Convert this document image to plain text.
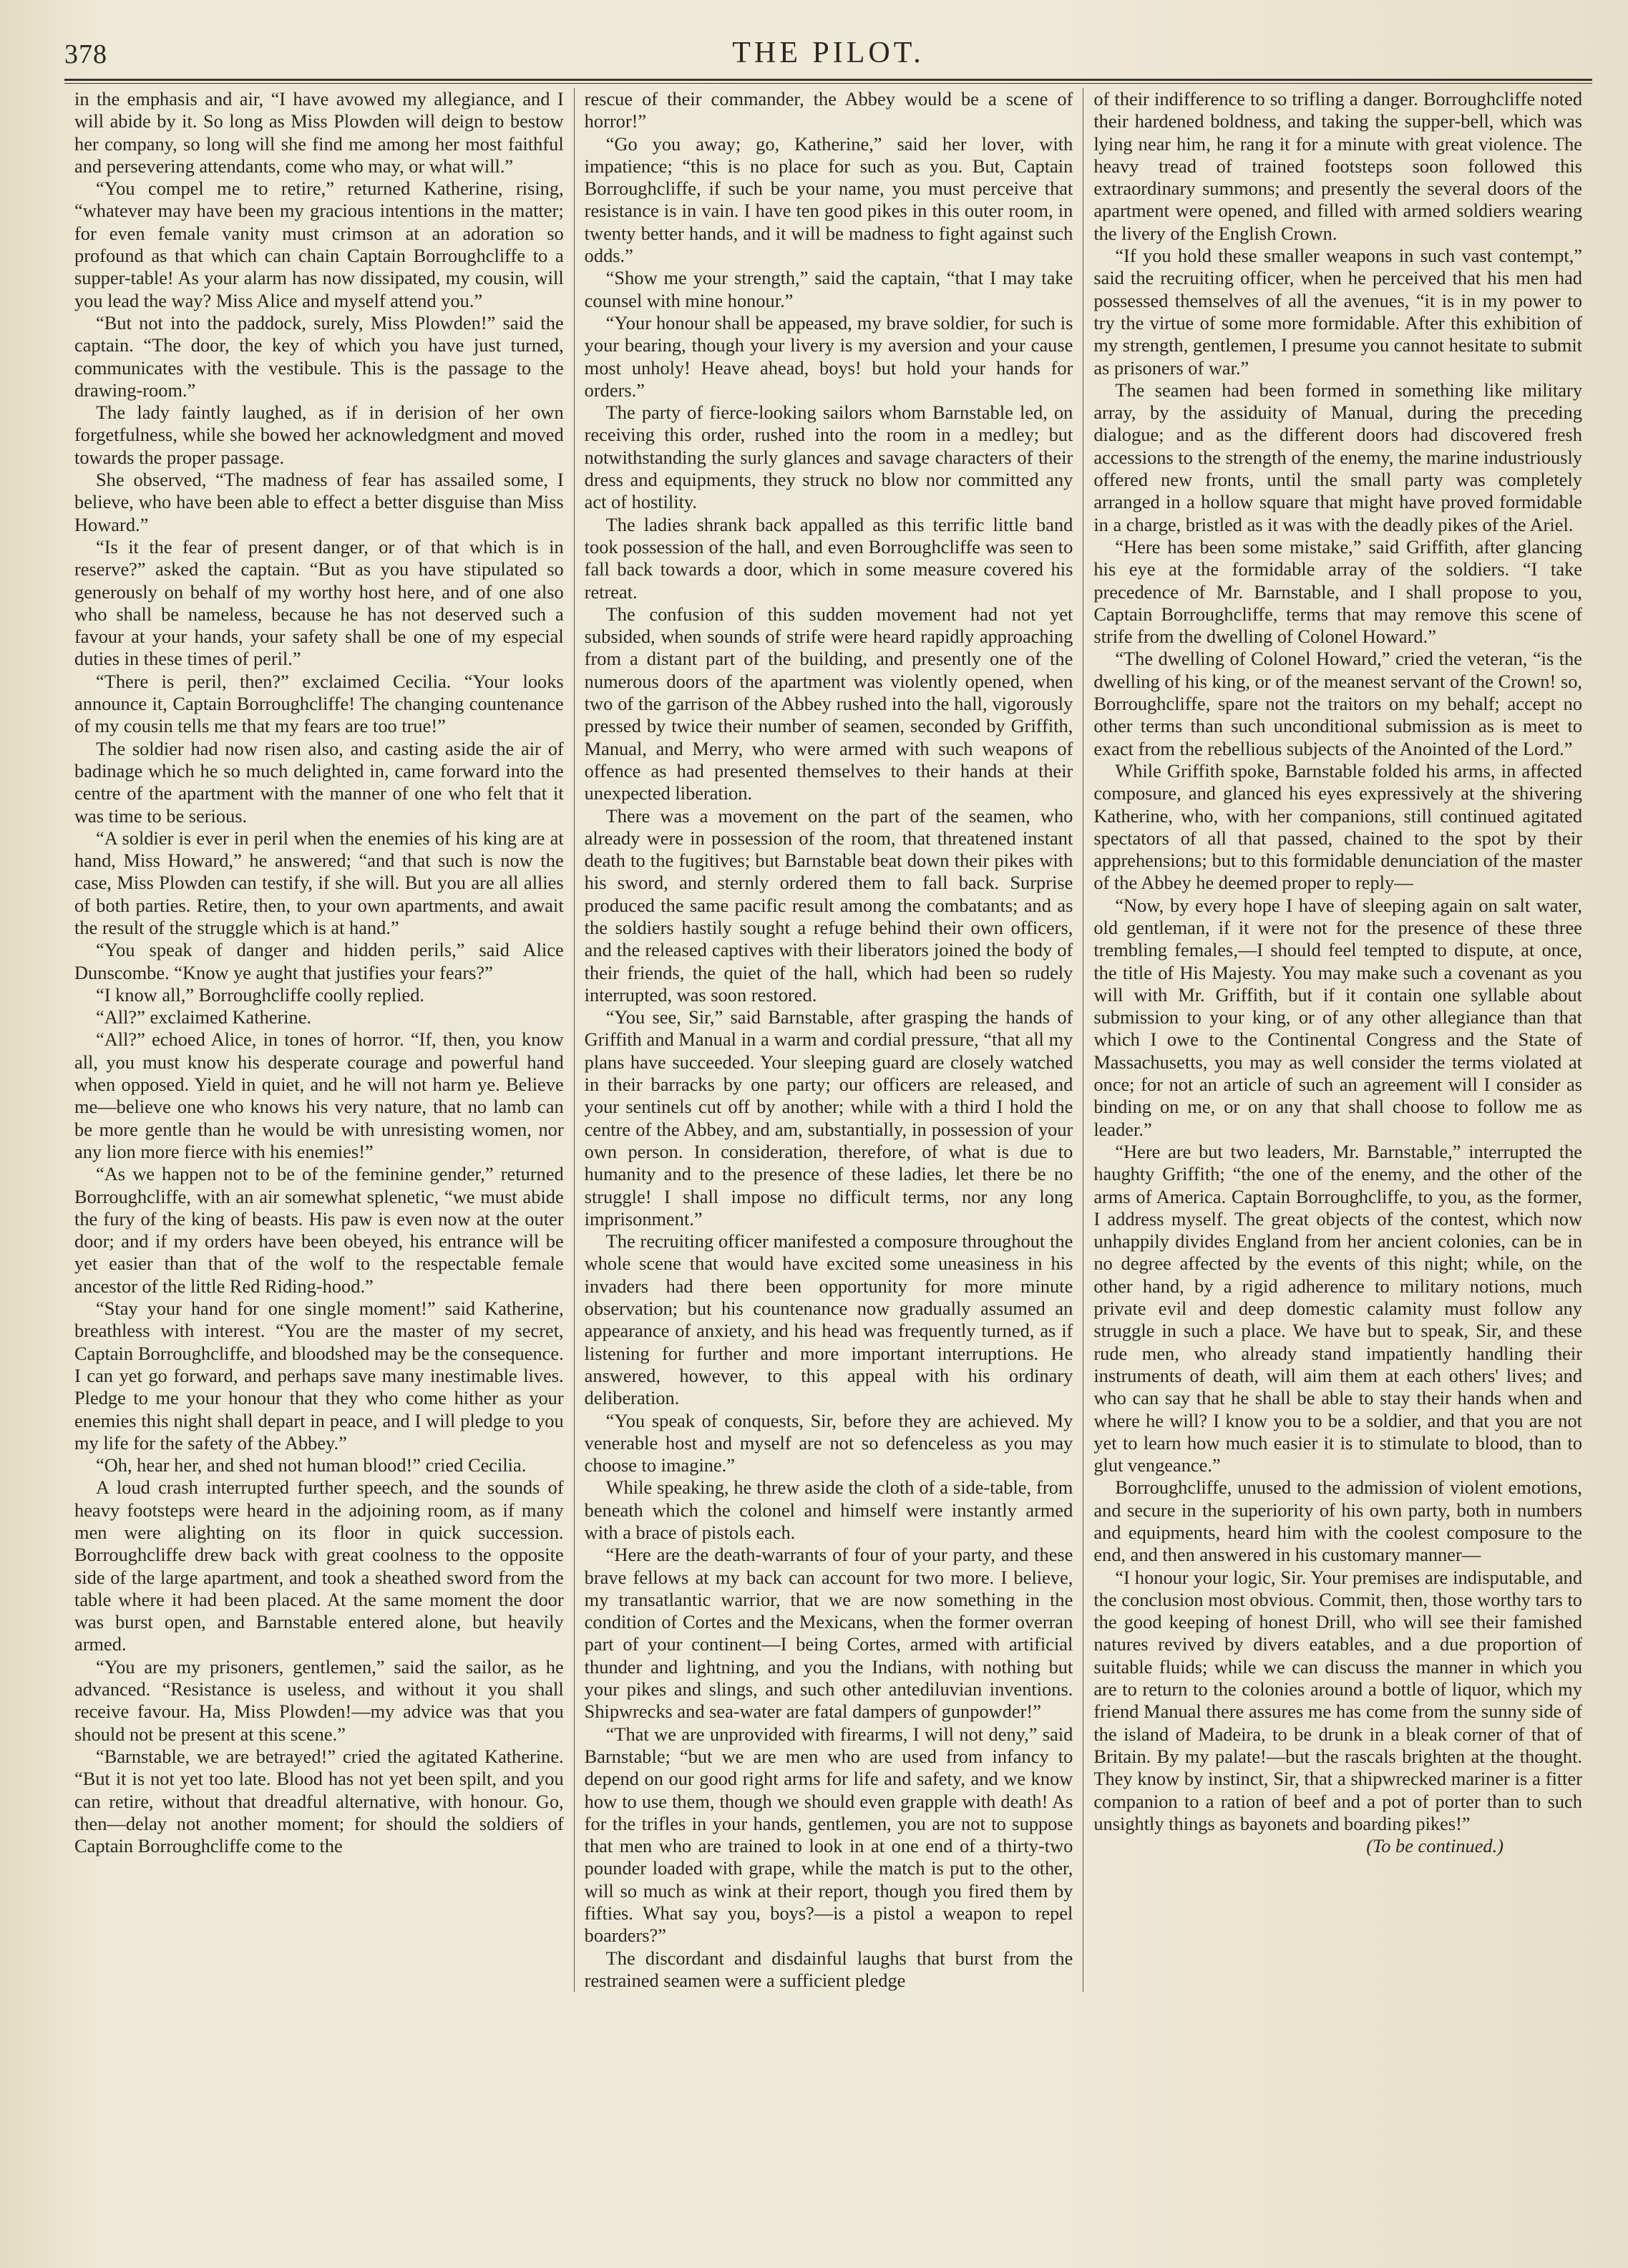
378	THE PILOT.

in the emphasis and air, “I have avowed my allegiance, and I will abide by it. So long as Miss Plowden will deign to bestow her company, so long will she find me among her most faithful and persevering attendants, come who may, or what will.”

“You compel me to retire,” returned Katherine, rising, “whatever may have been my gracious intentions in the matter; for even female vanity must crimson at an adoration so profound as that which can chain Captain Borroughcliffe to a supper-table! As your alarm has now dissipated, my cousin, will you lead the way? Miss Alice and myself attend you.”

“But not into the paddock, surely, Miss Plowden!” said the captain. “The door, the key of which you have just turned, communicates with the vestibule. This is the passage to the drawing-room.”

The lady faintly laughed, as if in derision of her own forgetfulness, while she bowed her acknowledgment and moved towards the proper passage.

She observed, “The madness of fear has assailed some, I believe, who have been able to effect a better disguise than Miss Howard.”

“Is it the fear of present danger, or of that which is in reserve?” asked the captain. “But as you have stipulated so generously on behalf of my worthy host here, and of one also who shall be nameless, because he has not deserved such a favour at your hands, your safety shall be one of my especial duties in these times of peril.”

“There is peril, then?” exclaimed Cecilia. “Your looks announce it, Captain Borroughcliffe! The changing countenance of my cousin tells me that my fears are too true!”

The soldier had now risen also, and casting aside the air of badinage which he so much delighted in, came forward into the centre of the apartment with the manner of one who felt that it was time to be serious.

“A soldier is ever in peril when the enemies of his king are at hand, Miss Howard,” he answered; “and that such is now the case, Miss Plowden can testify, if she will. But you are all allies of both parties. Retire, then, to your own apartments, and await the result of the struggle which is at hand.”

“You speak of danger and hidden perils,” said Alice Dunscombe. “Know ye aught that justifies your fears?”

“I know all,” Borroughcliffe coolly replied.

“All?” exclaimed Katherine.

“All?” echoed Alice, in tones of horror. “If, then, you know all, you must know his desperate courage and powerful hand when opposed. Yield in quiet, and he will not harm ye. Believe me—believe one who knows his very nature, that no lamb can be more gentle than he would be with unresisting women, nor any lion more fierce with his enemies!”

“As we happen not to be of the feminine gender,” returned Borroughcliffe, with an air somewhat splenetic, “we must abide the fury of the king of beasts. His paw is even now at the outer door; and if my orders have been obeyed, his entrance will be yet easier than that of the wolf to the respectable female ancestor of the little Red Riding-hood.”

“Stay your hand for one single moment!” said Katherine, breathless with interest. “You are the master of my secret, Captain Borroughcliffe, and bloodshed may be the consequence. I can yet go forward, and perhaps save many inestimable lives. Pledge to me your honour that they who come hither as your enemies this night shall depart in peace, and I will pledge to you my life for the safety of the Abbey.”

“Oh, hear her, and shed not human blood!” cried Cecilia.

A loud crash interrupted further speech, and the sounds of heavy footsteps were heard in the adjoining room, as if many men were alighting on its floor in quick succession. Borroughcliffe drew back with great coolness to the opposite side of the large apartment, and took a sheathed sword from the table where it had been placed. At the same moment the door was burst open, and Barnstable entered alone, but heavily armed.

“You are my prisoners, gentlemen,” said the sailor, as he advanced. “Resistance is useless, and without it you shall receive favour. Ha, Miss Plowden!—my advice was that you should not be present at this scene.”

“Barnstable, we are betrayed!” cried the agitated Katherine. “But it is not yet too late. Blood has not yet been spilt, and you can retire, without that dreadful alternative, with honour. Go, then—delay not another moment; for should the soldiers of Captain Borroughcliffe come to the

rescue of their commander, the Abbey would be a scene of horror!”

“Go you away; go, Katherine,” said her lover, with impatience; “this is no place for such as you. But, Captain Borroughcliffe, if such be your name, you must perceive that resistance is in vain. I have ten good pikes in this outer room, in twenty better hands, and it will be madness to fight against such odds.”

“Show me your strength,” said the captain, “that I may take counsel with mine honour.”

“Your honour shall be appeased, my brave soldier, for such is your bearing, though your livery is my aversion and your cause most unholy! Heave ahead, boys! but hold your hands for orders.”

The party of fierce-looking sailors whom Barnstable led, on receiving this order, rushed into the room in a medley; but notwithstanding the surly glances and savage characters of their dress and equipments, they struck no blow nor committed any act of hostility.

The ladies shrank back appalled as this terrific little band took possession of the hall, and even Borroughcliffe was seen to fall back towards a door, which in some measure covered his retreat.

The confusion of this sudden movement had not yet subsided, when sounds of strife were heard rapidly approaching from a distant part of the building, and presently one of the numerous doors of the apartment was violently opened, when two of the garrison of the Abbey rushed into the hall, vigorously pressed by twice their number of seamen, seconded by Griffith, Manual, and Merry, who were armed with such weapons of offence as had presented themselves to their hands at their unexpected liberation.

There was a movement on the part of the seamen, who already were in possession of the room, that threatened instant death to the fugitives; but Barnstable beat down their pikes with his sword, and sternly ordered them to fall back. Surprise produced the same pacific result among the combatants; and as the soldiers hastily sought a refuge behind their own officers, and the released captives with their liberators joined the body of their friends, the quiet of the hall, which had been so rudely interrupted, was soon restored.

“You see, Sir,” said Barnstable, after grasping the hands of Griffith and Manual in a warm and cordial pressure, “that all my plans have succeeded. Your sleeping guard are closely watched in their barracks by one party; our officers are released, and your sentinels cut off by another; while with a third I hold the centre of the Abbey, and am, substantially, in possession of your own person. In consideration, therefore, of what is due to humanity and to the presence of these ladies, let there be no struggle! I shall impose no difficult terms, nor any long imprisonment.”

The recruiting officer manifested a composure throughout the whole scene that would have excited some uneasiness in his invaders had there been opportunity for more minute observation; but his countenance now gradually assumed an appearance of anxiety, and his head was frequently turned, as if listening for further and more important interruptions. He answered, however, to this appeal with his ordinary deliberation.

“You speak of conquests, Sir, before they are achieved. My venerable host and myself are not so defenceless as you may choose to imagine.”

While speaking, he threw aside the cloth of a side-table, from beneath which the colonel and himself were instantly armed with a brace of pistols each.

“Here are the death-warrants of four of your party, and these brave fellows at my back can account for two more. I believe, my transatlantic warrior, that we are now something in the condition of Cortes and the Mexicans, when the former overran part of your continent—I being Cortes, armed with artificial thunder and lightning, and you the Indians, with nothing but your pikes and slings, and such other antediluvian inventions. Shipwrecks and sea-water are fatal dampers of gunpowder!”

“That we are unprovided with firearms, I will not deny,” said Barnstable; “but we are men who are used from infancy to depend on our good right arms for life and safety, and we know how to use them, though we should even grapple with death! As for the trifles in your hands, gentlemen, you are not to suppose that men who are trained to look in at one end of a thirty-two pounder loaded with grape, while the match is put to the other, will so much as wink at their report, though you fired them by fifties. What say you, boys?—is a pistol a weapon to repel boarders?”

The discordant and disdainful laughs that burst from the restrained seamen were a sufficient pledge

of their indifference to so trifling a danger. Borroughcliffe noted their hardened boldness, and taking the supper-bell, which was lying near him, he rang it for a minute with great violence. The heavy tread of trained footsteps soon followed this extraordinary summons; and presently the several doors of the apartment were opened, and filled with armed soldiers wearing the livery of the English Crown.

“If you hold these smaller weapons in such vast contempt,” said the recruiting officer, when he perceived that his men had possessed themselves of all the avenues, “it is in my power to try the virtue of some more formidable. After this exhibition of my strength, gentlemen, I presume you cannot hesitate to submit as prisoners of war.”

The seamen had been formed in something like military array, by the assiduity of Manual, during the preceding dialogue; and as the different doors had discovered fresh accessions to the strength of the enemy, the marine industriously offered new fronts, until the small party was completely arranged in a hollow square that might have proved formidable in a charge, bristled as it was with the deadly pikes of the Ariel.

“Here has been some mistake,” said Griffith, after glancing his eye at the formidable array of the soldiers. “I take precedence of Mr. Barnstable, and I shall propose to you, Captain Borroughcliffe, terms that may remove this scene of strife from the dwelling of Colonel Howard.”

“The dwelling of Colonel Howard,” cried the veteran, “is the dwelling of his king, or of the meanest servant of the Crown! so, Borroughcliffe, spare not the traitors on my behalf; accept no other terms than such unconditional submission as is meet to exact from the rebellious subjects of the Anointed of the Lord.”

While Griffith spoke, Barnstable folded his arms, in affected composure, and glanced his eyes expressively at the shivering Katherine, who, with her companions, still continued agitated spectators of all that passed, chained to the spot by their apprehensions; but to this formidable denunciation of the master of the Abbey he deemed proper to reply—

“Now, by every hope I have of sleeping again on salt water, old gentleman, if it were not for the presence of these three trembling females,—I should feel tempted to dispute, at once, the title of His Majesty. You may make such a covenant as you will with Mr. Griffith, but if it contain one syllable about submission to your king, or of any other allegiance than that which I owe to the Continental Congress and the State of Massachusetts, you may as well consider the terms violated at once; for not an article of such an agreement will I consider as binding on me, or on any that shall choose to follow me as leader.”

“Here are but two leaders, Mr. Barnstable,” interrupted the haughty Griffith; “the one of the enemy, and the other of the arms of America. Captain Borroughcliffe, to you, as the former, I address myself. The great objects of the contest, which now unhappily divides England from her ancient colonies, can be in no degree affected by the events of this night; while, on the other hand, by a rigid adherence to military notions, much private evil and deep domestic calamity must follow any struggle in such a place. We have but to speak, Sir, and these rude men, who already stand impatiently handling their instruments of death, will aim them at each others' lives; and who can say that he shall be able to stay their hands when and where he will? I know you to be a soldier, and that you are not yet to learn how much easier it is to stimulate to blood, than to glut vengeance.”

Borroughcliffe, unused to the admission of violent emotions, and secure in the superiority of his own party, both in numbers and equipments, heard him with the coolest composure to the end, and then answered in his customary manner—

“I honour your logic, Sir. Your premises are indisputable, and the conclusion most obvious. Commit, then, those worthy tars to the good keeping of honest Drill, who will see their famished natures revived by divers eatables, and a due proportion of suitable fluids; while we can discuss the manner in which you are to return to the colonies around a bottle of liquor, which my friend Manual there assures me has come from the sunny side of the island of Madeira, to be drunk in a bleak corner of that of Britain. By my palate!—but the rascals brighten at the thought. They know by instinct, Sir, that a shipwrecked mariner is a fitter companion to a ration of beef and a pot of porter than to such unsightly things as bayonets and boarding pikes!”

(To be continued.)
